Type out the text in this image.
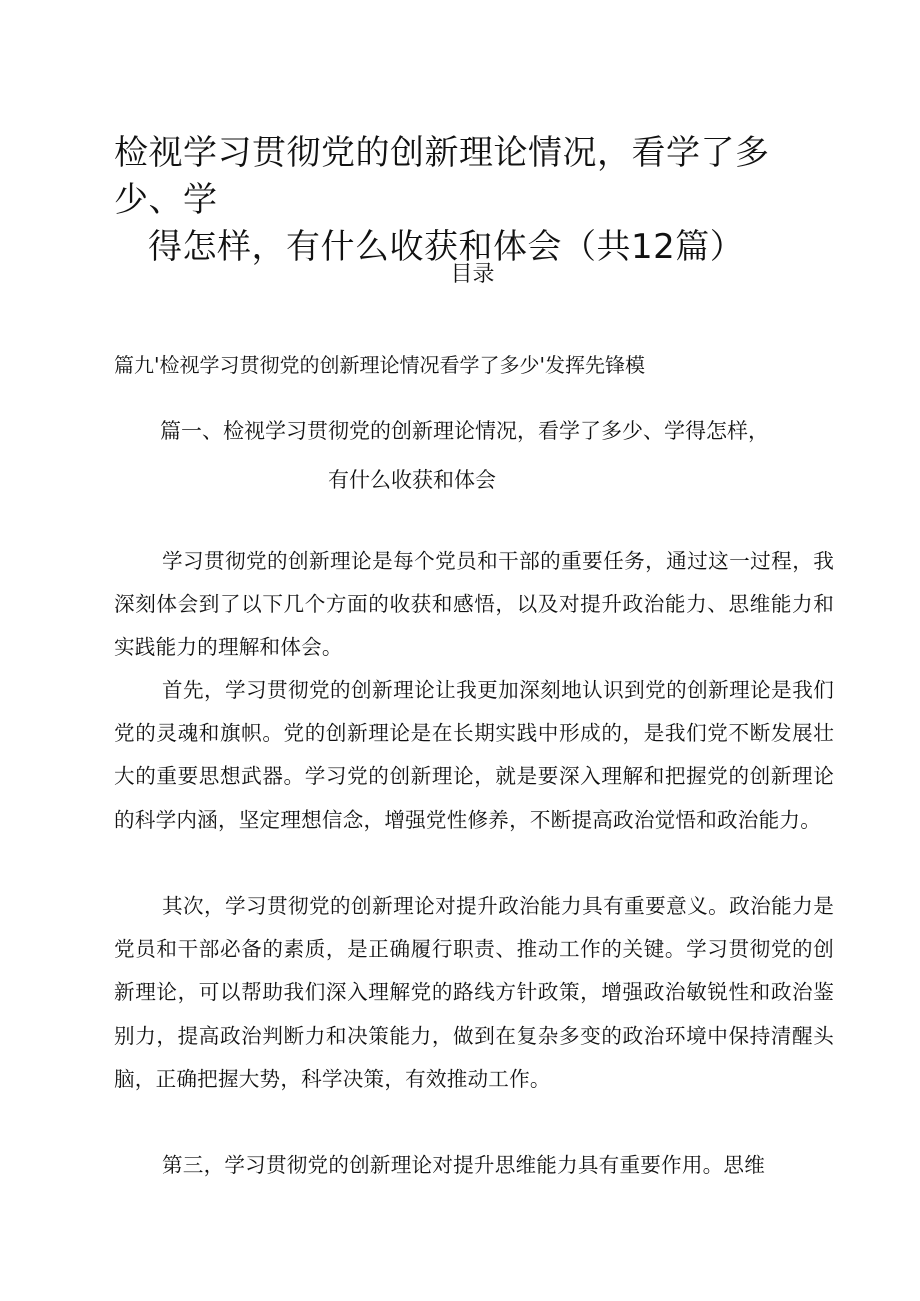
检视学习贯彻党的创新理论情况，看学了多少、学
得怎样，有什么收获和体会（共12篇）
目录
篇九'检视学习贯彻党的创新理论情况看学了多少'发挥先锋模
篇一、检视学习贯彻党的创新理论情况，看学了多少、学得怎样，
有什么收获和体会

学习贯彻党的创新理论是每个党员和干部的重要任务，通过这一过程，我深刻体会到了以下几个方面的收获和感悟，以及对提升政治能力、思维能力和实践能力的理解和体会。

首先，学习贯彻党的创新理论让我更加深刻地认识到党的创新理论是我们党的灵魂和旗帜。党的创新理论是在长期实践中形成的，是我们党不断发展壮大的重要思想武器。学习党的创新理论，就是要深入理解和把握党的创新理论的科学内涵，坚定理想信念，增强党性修养，不断提高政治觉悟和政治能力。

其次，学习贯彻党的创新理论对提升政治能力具有重要意义。政治能力是党员和干部必备的素质，是正确履行职责、推动工作的关键。学习贯彻党的创新理论，可以帮助我们深入理解党的路线方针政策，增强政治敏锐性和政治鉴别力，提高政治判断力和决策能力，做到在复杂多变的政治环境中保持清醒头脑，正确把握大势，科学决策，有效推动工作。

第三，学习贯彻党的创新理论对提升思维能力具有重要作用。思维
